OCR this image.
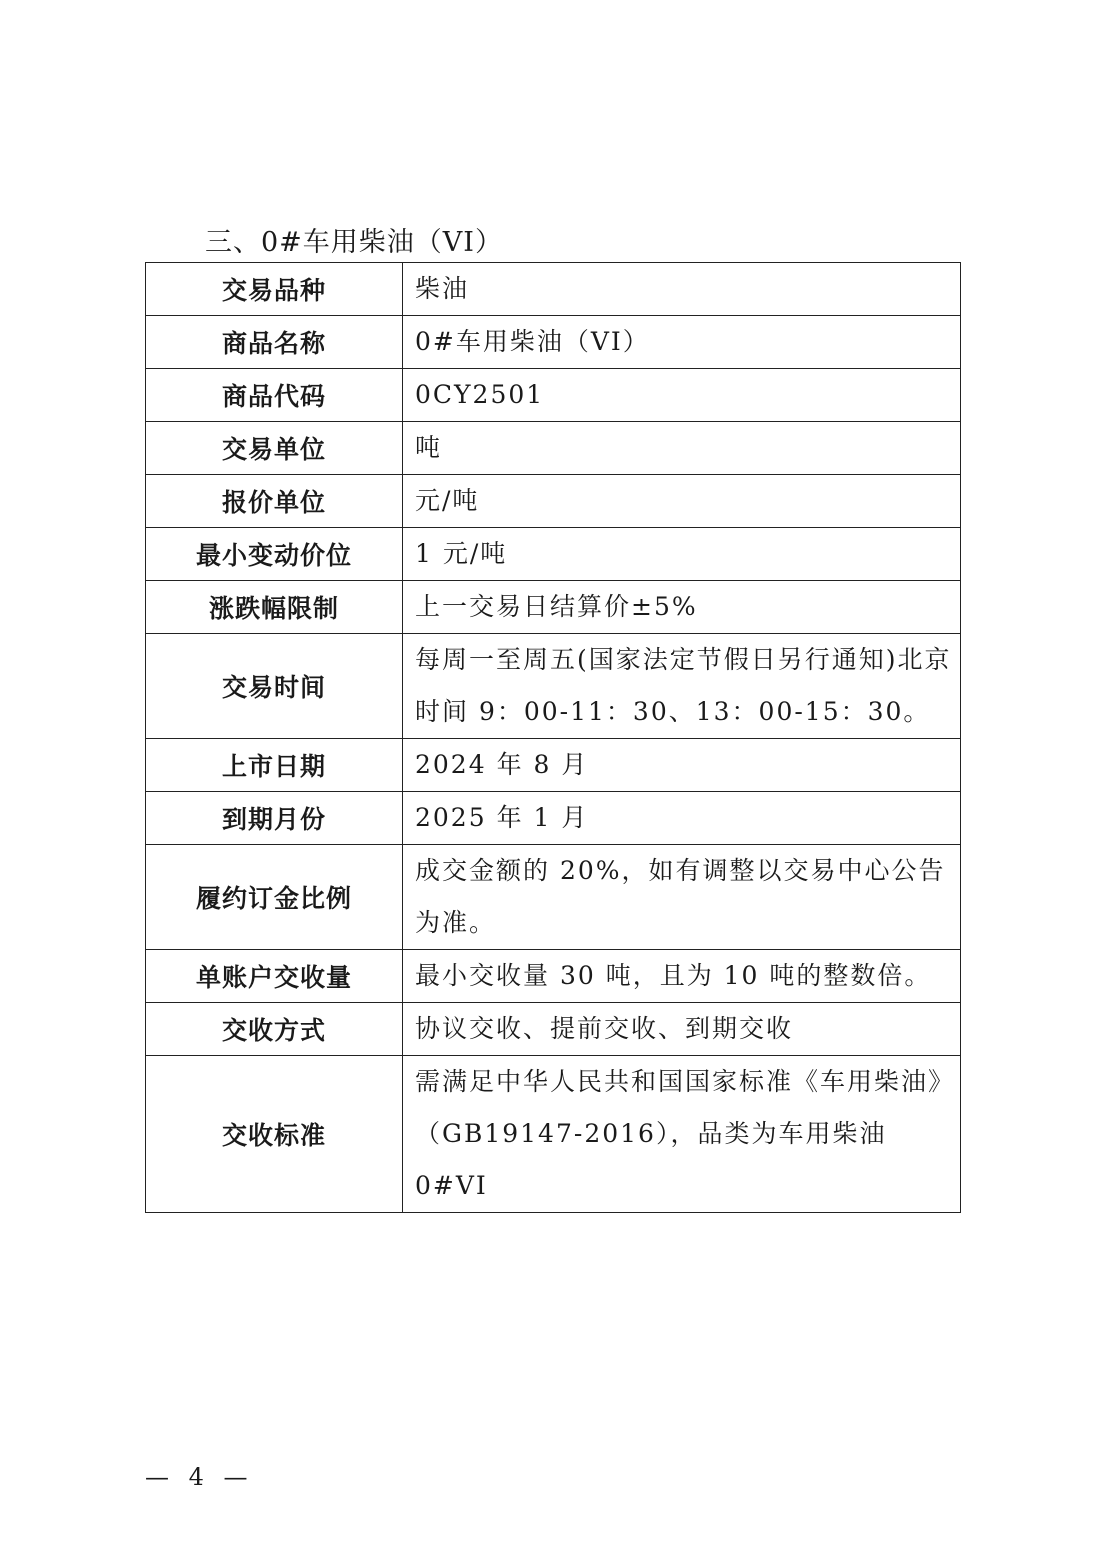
三、0#车用柴油（VI）
交易品种	柴油
商品名称	0#车用柴油（VI）
商品代码	0CY2501
交易单位	吨
报价单位	元/吨
最小变动价位	1 元/吨
涨跌幅限制	上一交易日结算价±5%
交易时间	每周一至周五(国家法定节假日另行通知)北京时间 9：00-11：30、13：00-15：30。
上市日期	2024 年 8 月
到期月份	2025 年 1 月
履约订金比例	成交金额的 20%，如有调整以交易中心公告为准。
单账户交收量	最小交收量 30 吨，且为 10 吨的整数倍。
交收方式	协议交收、提前交收、到期交收
交收标准	需满足中华人民共和国国家标准《车用柴油》（GB19147-2016），品类为车用柴油 0#VI
— 4 —
